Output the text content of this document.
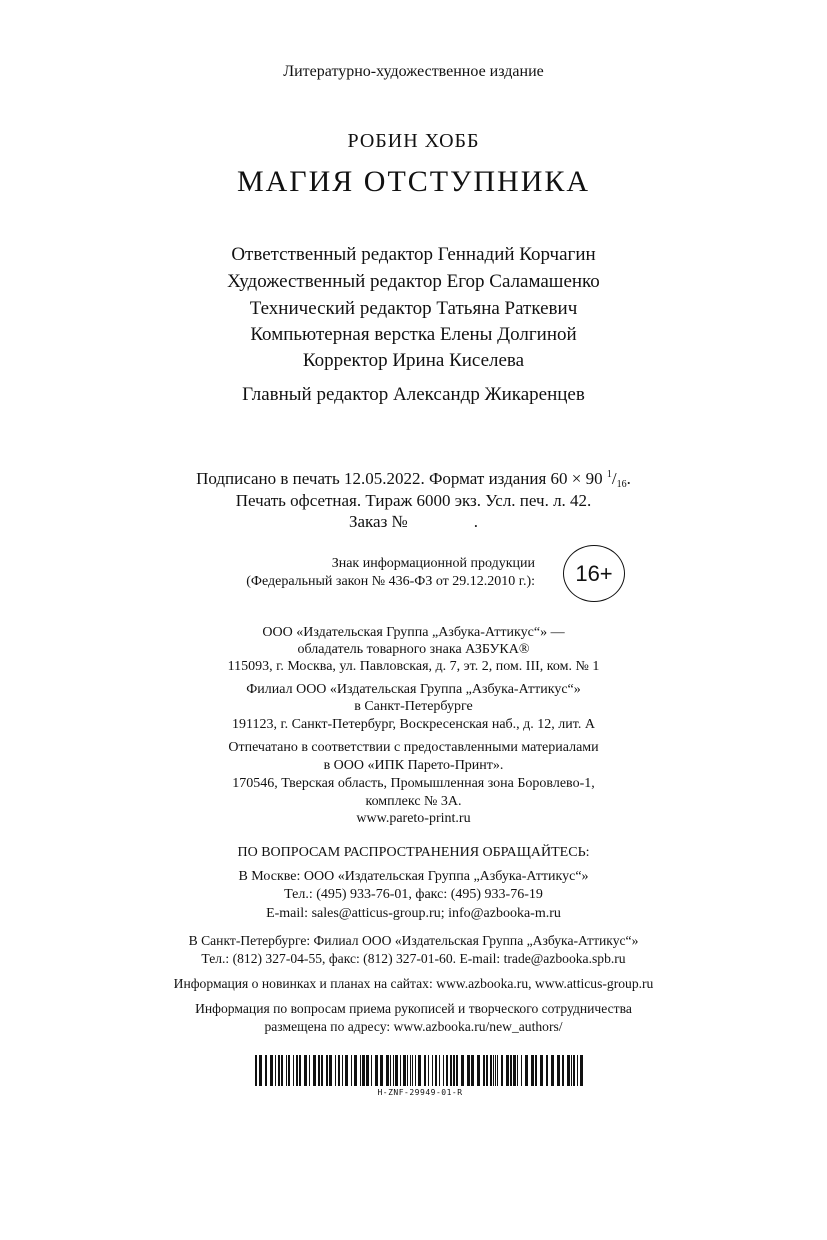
Литературно-художественное издание
РОБИН ХОББ
МАГИЯ ОТСТУПНИКА
Ответственный редактор Геннадий Корчагин
Художественный редактор Егор Саламашенко
Технический редактор Татьяна Раткевич
Компьютерная верстка Елены Долгиной
Корректор Ирина Киселева
Главный редактор Александр Жикаренцев
Подписано в печать 12.05.2022. Формат издания 60 × 90 $^1$/16.
Печать офсетная. Тираж 6000 экз. Усл. печ. л. 42.
Заказ №	.
Знак информационной продукции
(Федеральный закон № 436-ФЗ от 29.12.2010 г.):	16+
ООО «Издательская Группа „Азбука-Аттикус“» —
обладатель товарного знака АЗБУКА®
115093, г. Москва, ул. Павловская, д. 7, эт. 2, пом. III, ком. № 1
Филиал ООО «Издательская Группа „Азбука-Аттикус“»
в Санкт-Петербурге
191123, г. Санкт-Петербург, Воскресенская наб., д. 12, лит. А
Отпечатано в соответствии с предоставленными материалами
в ООО «ИПК Парето-Принт».
170546, Тверская область, Промышленная зона Боровлево-1,
комплекс № 3А.
www.pareto-print.ru
ПО ВОПРОСАМ РАСПРОСТРАНЕНИЯ ОБРАЩАЙТЕСЬ:
В Москве: ООО «Издательская Группа „Азбука-Аттикус“»
Тел.: (495) 933-76-01, факс: (495) 933-76-19
E-mail: sales@atticus-group.ru; info@azbooka-m.ru
В Санкт-Петербурге: Филиал ООО «Издательская Группа „Азбука-Аттикус“»
Тел.: (812) 327-04-55, факс: (812) 327-01-60. E-mail: trade@azbooka.spb.ru
Информация о новинках и планах на сайтах: www.azbooka.ru, www.atticus-group.ru
Информация по вопросам приема рукописей и творческого сотрудничества
размещена по адресу: www.azbooka.ru/new_authors/
H-ZNF-29949-01-R
